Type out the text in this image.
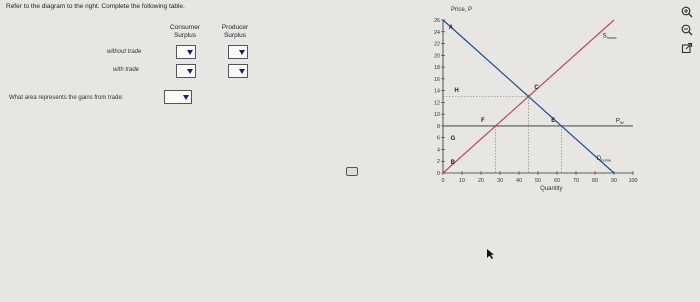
Refer to the diagram to the right. Complete the following table.
Consumer
Surplus
Producer
Surplus
without trade
with trade
What area represents the gains from trade:
0
2
4
6
8
10
12
14
16
18
20
22
24
26
0	10 20 30 40 50 60 70 80 90 100
A
H
G
B
F
C
E
$S_{home}$
$D_{home}$
$P_W$
Price, P
Quantity
